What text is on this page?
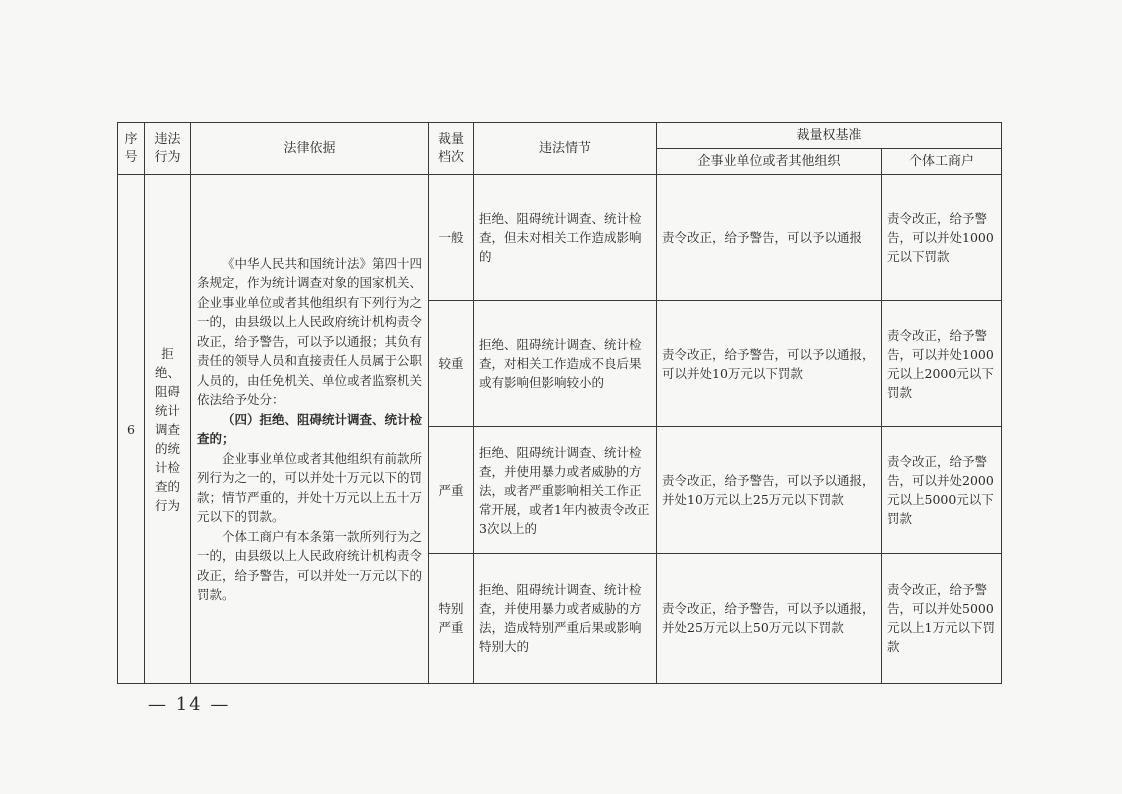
序号	违法行为	法律依据	裁量档次	违法情节	裁量权基准	
					企事业单位或者其他组织	个体工商户
6	拒绝、阻碍统计调查的统计检查的行为	《中华人民共和国统计法》第四十四条规定，作为统计调查对象的国家机关、企业事业单位或者其他组织有下列行为之一的，由县级以上人民政府统计机构责令改正，给予警告，可以予以通报；其负有责任的领导人员和直接责任人员属于公职人员的，由任免机关、单位或者监察机关依法给予处分：

（四）拒绝、阻碍统计调查、统计检查的；

企业事业单位或者其他组织有前款所列行为之一的，可以并处十万元以下的罚款；情节严重的，并处十万元以上五十万元以下的罚款。

个体工商户有本条第一款所列行为之一的，由县级以上人民政府统计机构责令改正，给予警告，可以并处一万元以下的罚款。	一般	拒绝、阻碍统计调查、统计检查，但未对相关工作造成影响的	责令改正，给予警告，可以予以通报	责令改正，给予警告，可以并处1000元以下罚款
			较重	拒绝、阻碍统计调查、统计检查，对相关工作造成不良后果或有影响但影响较小的	责令改正，给予警告，可以予以通报，可以并处10万元以下罚款	责令改正，给予警告，可以并处1000元以上2000元以下罚款
			严重	拒绝、阻碍统计调查、统计检查，并使用暴力或者威胁的方法，或者严重影响相关工作正常开展，或者1年内被责令改正3次以上的	责令改正，给予警告，可以予以通报，并处10万元以上25万元以下罚款	责令改正，给予警告，可以并处2000元以上5000元以下罚款
			特别严重	拒绝、阻碍统计调查、统计检查，并使用暴力或者威胁的方法，造成特别严重后果或影响特别大的	责令改正，给予警告，可以予以通报，并处25万元以上50万元以下罚款	责令改正，给予警告，可以并处5000元以上1万元以下罚款
— 14 —
